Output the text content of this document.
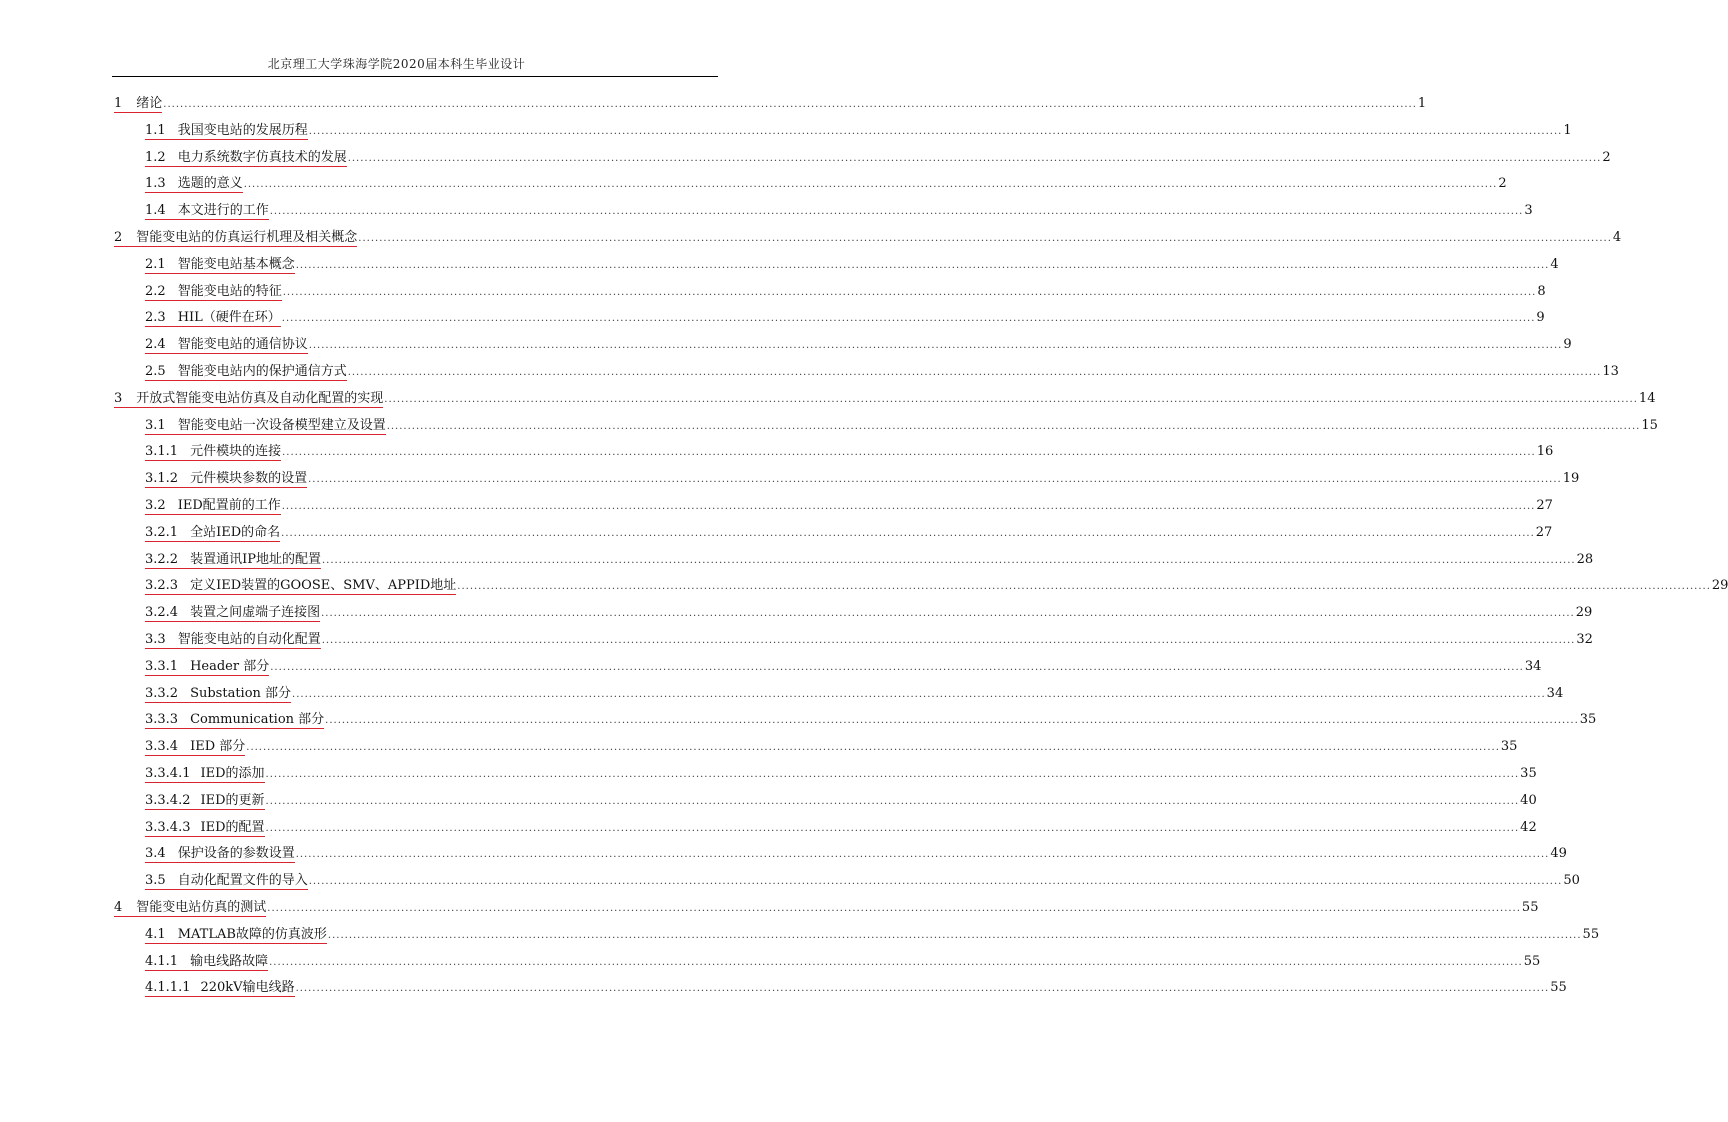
北京理工大学珠海学院2020届本科生毕业设计
1 绪论 ............................................................................................................................................................................................................................................................................................................ 1
1.1 我国变电站的发展历程 ............................................................................................................................................................................................................................................................................................................ 1
1.2 电力系统数字仿真技术的发展 ............................................................................................................................................................................................................................................................................................................ 2
1.3 选题的意义 ............................................................................................................................................................................................................................................................................................................ 2
1.4 本文进行的工作 ............................................................................................................................................................................................................................................................................................................ 3
2 智能变电站的仿真运行机理及相关概念 ............................................................................................................................................................................................................................................................................................................ 4
2.1 智能变电站基本概念 ............................................................................................................................................................................................................................................................................................................ 4
2.2 智能变电站的特征 ............................................................................................................................................................................................................................................................................................................ 8
2.3 HIL（硬件在环） ............................................................................................................................................................................................................................................................................................................ 9
2.4 智能变电站的通信协议 ............................................................................................................................................................................................................................................................................................................ 9
2.5 智能变电站内的保护通信方式 ............................................................................................................................................................................................................................................................................................................ 13
3 开放式智能变电站仿真及自动化配置的实现 ............................................................................................................................................................................................................................................................................................................ 14
3.1 智能变电站一次设备模型建立及设置 ............................................................................................................................................................................................................................................................................................................ 15
3.1.1 元件模块的连接 ............................................................................................................................................................................................................................................................................................................ 16
3.1.2 元件模块参数的设置 ............................................................................................................................................................................................................................................................................................................ 19
3.2 IED配置前的工作 ............................................................................................................................................................................................................................................................................................................ 27
3.2.1 全站IED的命名 ............................................................................................................................................................................................................................................................................................................ 27
3.2.2 装置通讯IP地址的配置 ............................................................................................................................................................................................................................................................................................................ 28
3.2.3 定义IED装置的GOOSE、SMV、APPID地址 ............................................................................................................................................................................................................................................................................................................ 29
3.2.4 装置之间虚端子连接图 ............................................................................................................................................................................................................................................................................................................ 29
3.3 智能变电站的自动化配置 ............................................................................................................................................................................................................................................................................................................ 32
3.3.1 Header 部分 ............................................................................................................................................................................................................................................................................................................ 34
3.3.2 Substation 部分 ............................................................................................................................................................................................................................................................................................................ 34
3.3.3 Communication 部分 ............................................................................................................................................................................................................................................................................................................ 35
3.3.4 IED 部分 ............................................................................................................................................................................................................................................................................................................ 35
3.3.4.1 IED的添加 ............................................................................................................................................................................................................................................................................................................ 35
3.3.4.2 IED的更新 ............................................................................................................................................................................................................................................................................................................ 40
3.3.4.3 IED的配置 ............................................................................................................................................................................................................................................................................................................ 42
3.4 保护设备的参数设置 ............................................................................................................................................................................................................................................................................................................ 49
3.5 自动化配置文件的导入 ............................................................................................................................................................................................................................................................................................................ 50
4 智能变电站仿真的测试 ............................................................................................................................................................................................................................................................................................................ 55
4.1 MATLAB故障的仿真波形 ............................................................................................................................................................................................................................................................................................................ 55
4.1.1 输电线路故障 ............................................................................................................................................................................................................................................................................................................ 55
4.1.1.1 220kV输电线路 ............................................................................................................................................................................................................................................................................................................ 55
